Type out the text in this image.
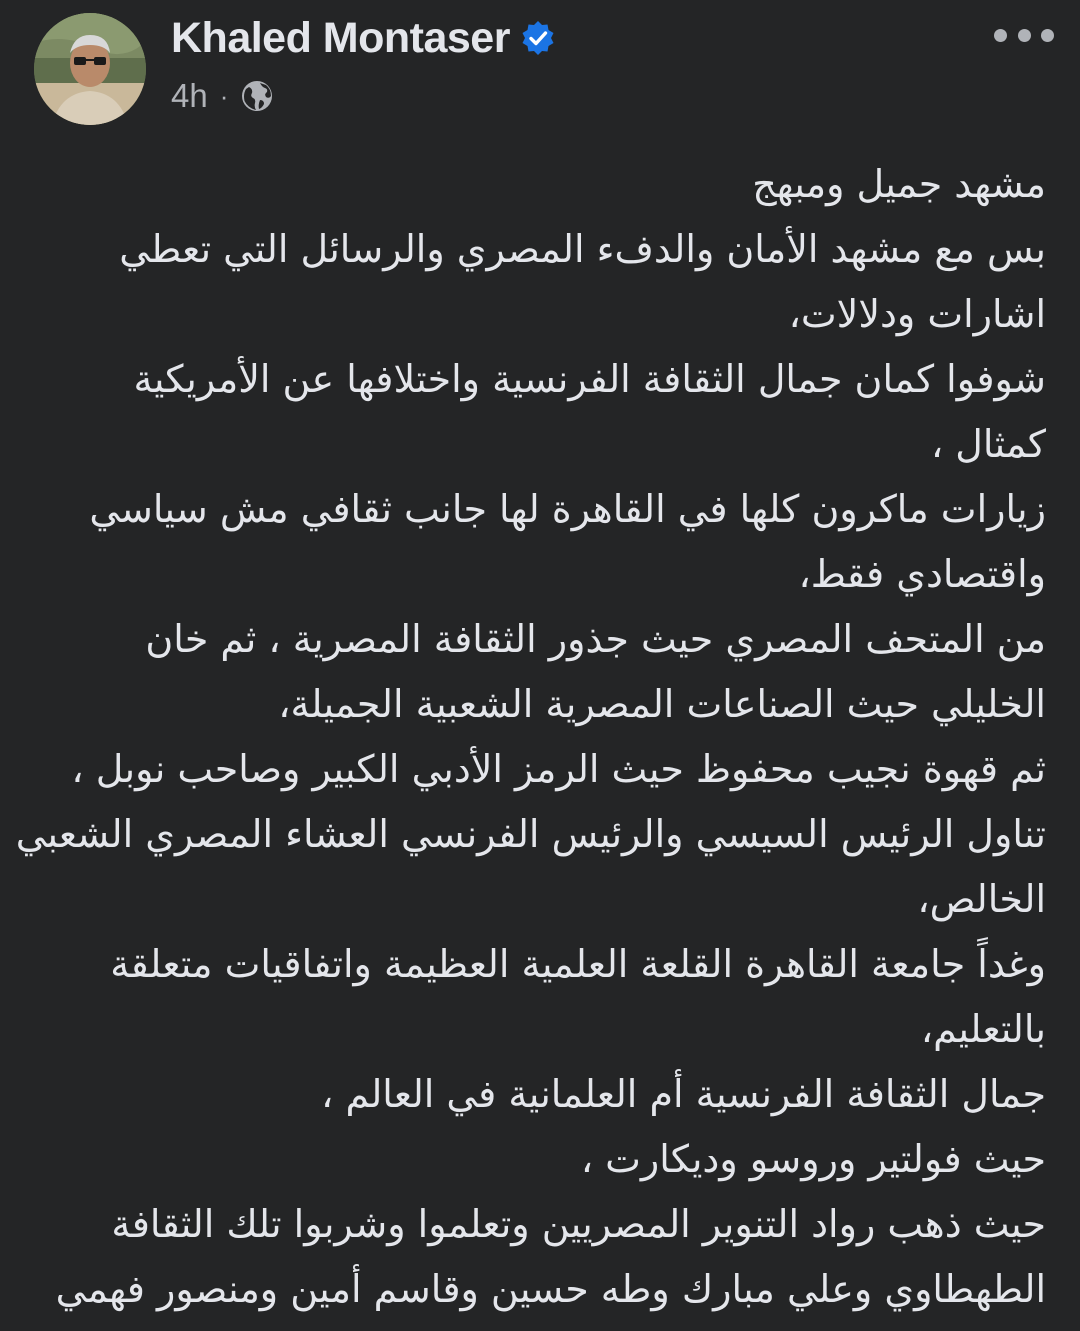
Khaled Montaser
4h ·
مشهد جميل ومبهج
بس مع مشهد الأمان والدفء المصري والرسائل التي تعطي
اشارات ودلالات،
شوفوا كمان جمال الثقافة الفرنسية واختلافها عن الأمريكية
كمثال ،
زيارات ماكرون كلها في القاهرة لها جانب ثقافي مش سياسي
واقتصادي فقط،
من المتحف المصري حيث جذور الثقافة المصرية ، ثم خان
الخليلي حيث الصناعات المصرية الشعبية الجميلة،
ثم قهوة نجيب محفوظ حيث الرمز الأدبي الكبير وصاحب نوبل ،
تناول الرئيس السيسي والرئيس الفرنسي العشاء المصري الشعبي
الخالص،
وغداً جامعة القاهرة القلعة العلمية العظيمة واتفاقيات متعلقة
بالتعليم،
جمال الثقافة الفرنسية أم العلمانية في العالم ،
حيث فولتير وروسو وديكارت ،
حيث ذهب رواد التنوير المصريين وتعلموا وشربوا تلك الثقافة
الطهطاوي وعلي مبارك وطه حسين وقاسم أمين ومنصور فهمي
